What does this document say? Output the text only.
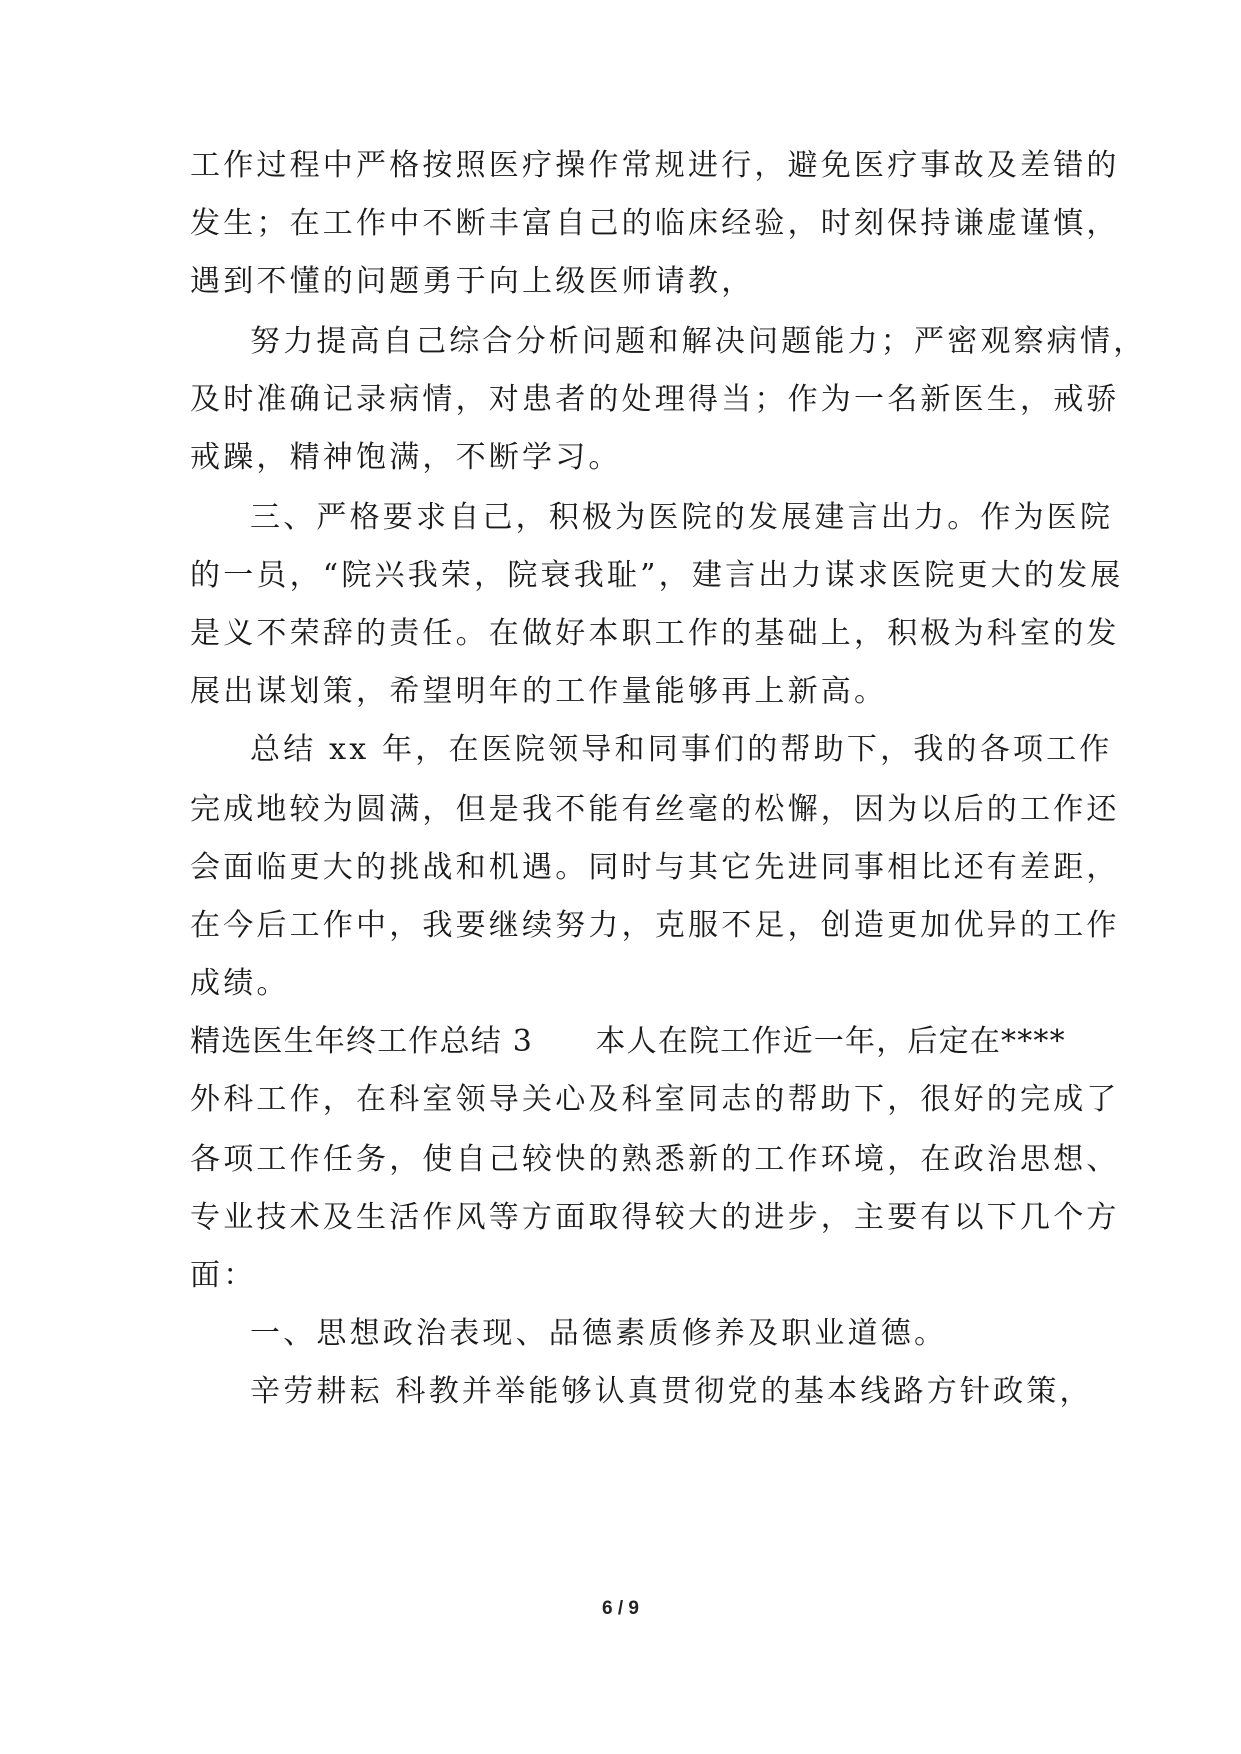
工作过程中严格按照医疗操作常规进行，避免医疗事故及差错的
发生；在工作中不断丰富自己的临床经验，时刻保持谦虚谨慎，
遇到不懂的问题勇于向上级医师请教，
努力提高自己综合分析问题和解决问题能力；严密观察病情，
及时准确记录病情，对患者的处理得当；作为一名新医生，戒骄
戒躁，精神饱满，不断学习。
三、严格要求自己，积极为医院的发展建言出力。作为医院
的一员，“院兴我荣，院衰我耻”，建言出力谋求医院更大的发展
是义不荣辞的责任。在做好本职工作的基础上，积极为科室的发
展出谋划策，希望明年的工作量能够再上新高。
总结 xx 年，在医院领导和同事们的帮助下，我的各项工作
完成地较为圆满，但是我不能有丝毫的松懈，因为以后的工作还
会面临更大的挑战和机遇。同时与其它先进同事相比还有差距，
在今后工作中，我要继续努力，克服不足，创造更加优异的工作
成绩。
精选医生年终工作总结 3　　本人在院工作近一年，后定在****
外科工作，在科室领导关心及科室同志的帮助下，很好的完成了
各项工作任务，使自己较快的熟悉新的工作环境，在政治思想、
专业技术及生活作风等方面取得较大的进步，主要有以下几个方
面：
一、思想政治表现、品德素质修养及职业道德。
辛劳耕耘 科教并举能够认真贯彻党的基本线路方针政策，
6 / 9
